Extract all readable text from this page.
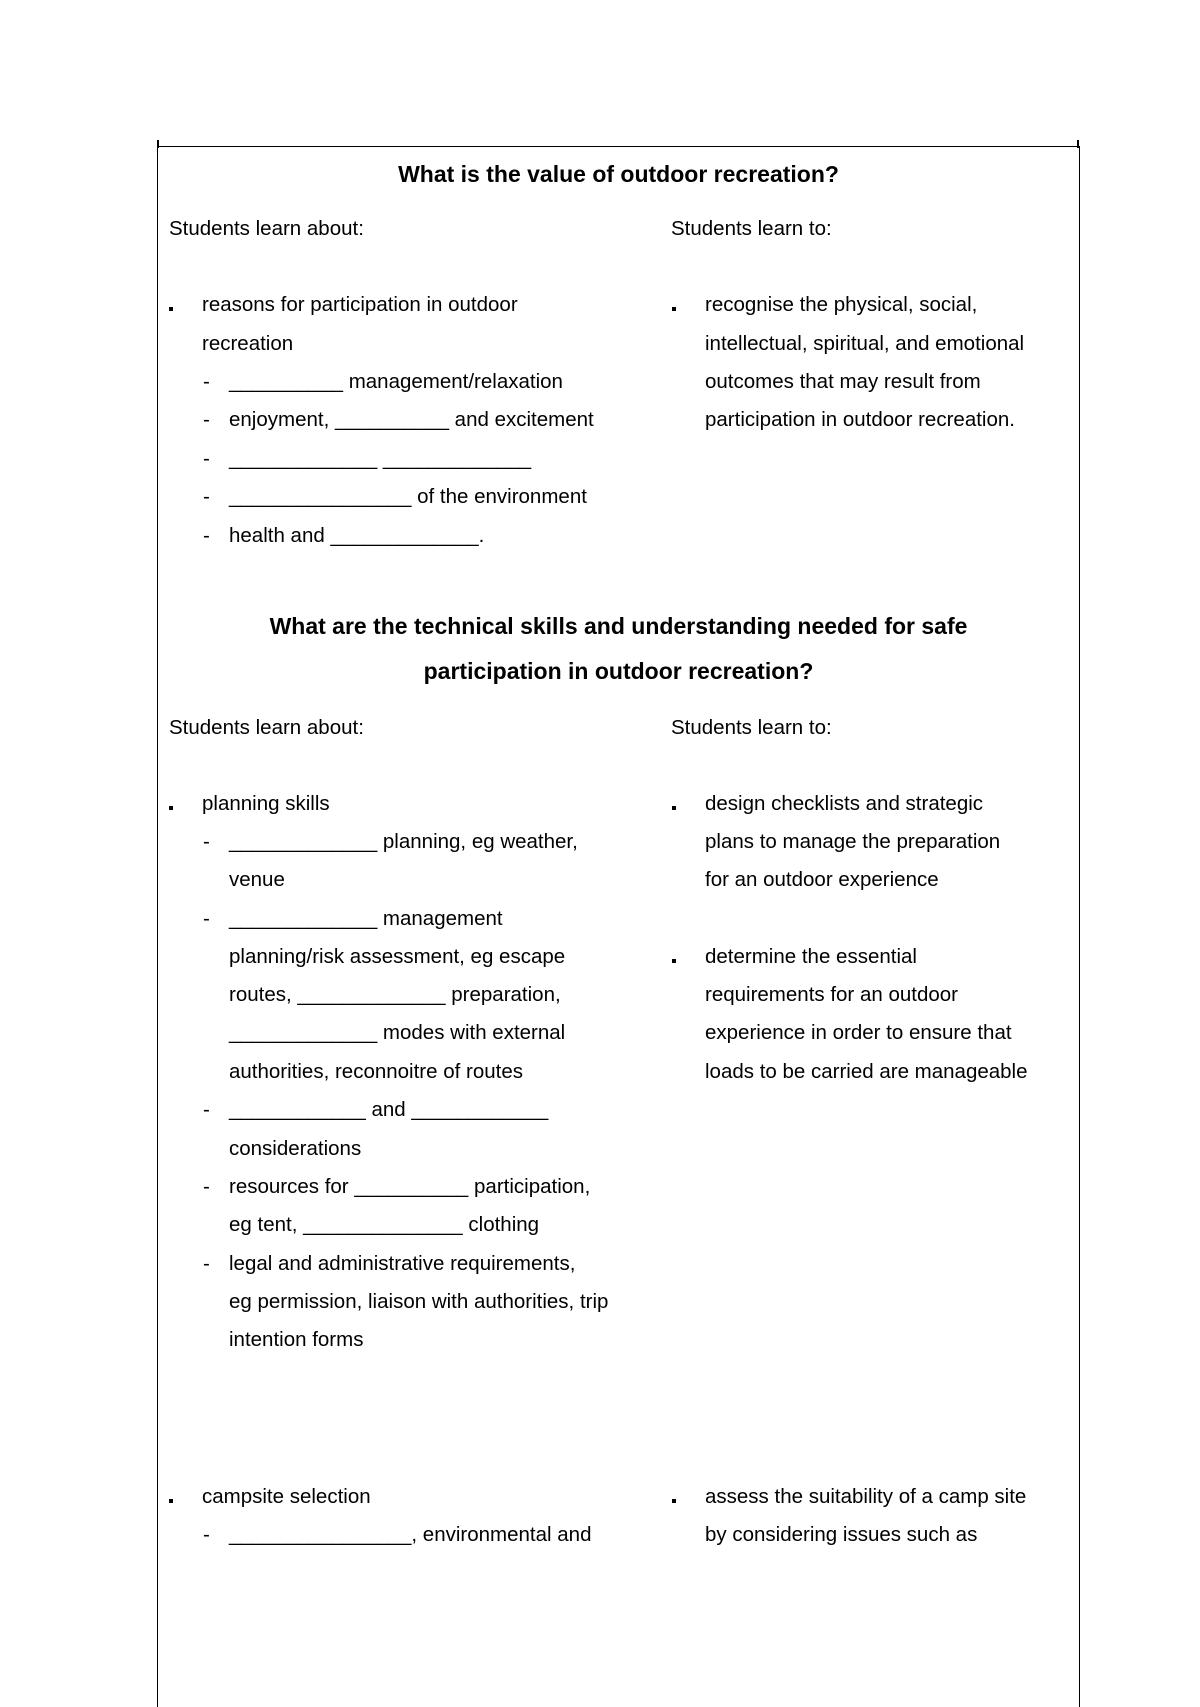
What is the value of outdoor recreation?
Students learn about:	Students learn to:
reasons for participation in outdoor
recreation
- __________ management/relaxation
- enjoyment, __________ and excitement
- _____________ _____________
- ________________ of the environment
- health and _____________.
recognise the physical, social,
intellectual, spiritual, and emotional
outcomes that may result from
participation in outdoor recreation.
What are the technical skills and understanding needed for safe
participation in outdoor recreation?
Students learn about:	Students learn to:
planning skills
- _____________ planning, eg weather,
venue
- _____________ management
planning/risk assessment, eg escape
routes, _____________ preparation,
_____________ modes with external
authorities, reconnoitre of routes
- ____________ and ____________
considerations
- resources for __________ participation,
eg tent, ______________ clothing
- legal and administrative requirements,
eg permission, liaison with authorities, trip
intention forms
design checklists and strategic
plans to manage the preparation
for an outdoor experience
determine the essential
requirements for an outdoor
experience in order to ensure that
loads to be carried are manageable
campsite selection
- ________________, environmental and
assess the suitability of a camp site
by considering issues such as
